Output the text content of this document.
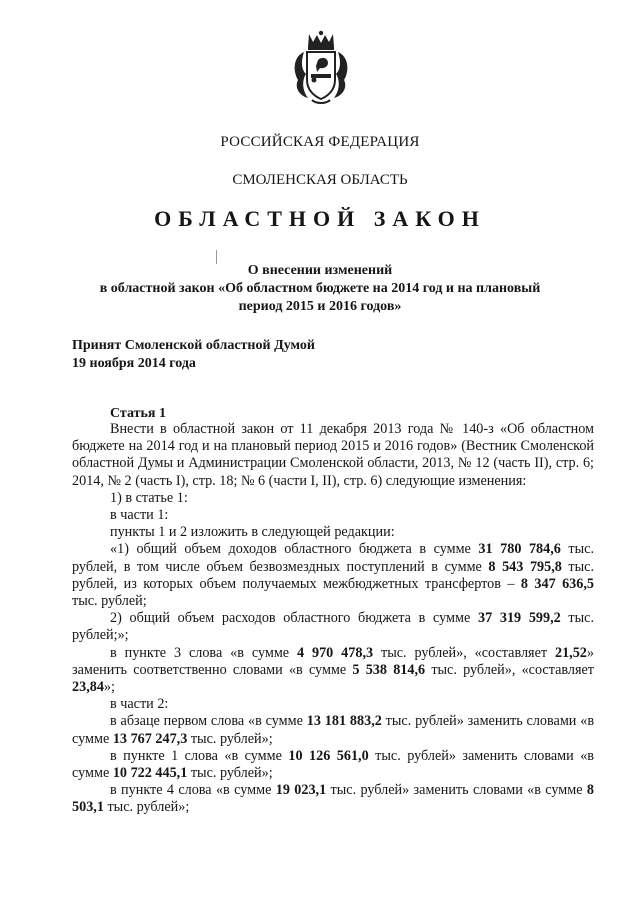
РОССИЙСКАЯ ФЕДЕРАЦИЯ
СМОЛЕНСКАЯ ОБЛАСТЬ
ОБЛАСТНОЙ ЗАКОН
О внесении изменений
в областной закон «Об областном бюджете на 2014 год и на плановый
период 2015 и 2016 годов»
Принят Смоленской областной Думой
19 ноября 2014 года
Статья 1

Внести в областной закон от 11 декабря 2013 года № 140-з «Об областном бюджете на 2014 год и на плановый период 2015 и 2016 годов» (Вестник Смоленской областной Думы и Администрации Смоленской области, 2013, № 12 (часть II), стр. 6; 2014, № 2 (часть I), стр. 18; № 6 (части I, II), стр. 6) следующие изменения:

1) в статье 1:

в части 1:

пункты 1 и 2 изложить в следующей редакции:

«1) общий объем доходов областного бюджета в сумме 31 780 784,6 тыс. рублей, в том числе объем безвозмездных поступлений в сумме 8 543 795,8 тыс. рублей, из которых объем получаемых межбюджетных трансфертов – 8 347 636,5 тыс. рублей;

2) общий объем расходов областного бюджета в сумме 37 319 599,2 тыс. рублей;»;

в пункте 3 слова «в сумме 4 970 478,3 тыс. рублей», «составляет 21,52» заменить соответственно словами «в сумме 5 538 814,6 тыс. рублей», «составляет 23,84»;

в части 2:

в абзаце первом слова «в сумме 13 181 883,2 тыс. рублей» заменить словами «в сумме 13 767 247,3 тыс. рублей»;

в пункте 1 слова «в сумме 10 126 561,0 тыс. рублей» заменить словами «в сумме 10 722 445,1 тыс. рублей»;

в пункте 4 слова «в сумме 19 023,1 тыс. рублей» заменить словами «в сумме 8 503,1 тыс. рублей»;
